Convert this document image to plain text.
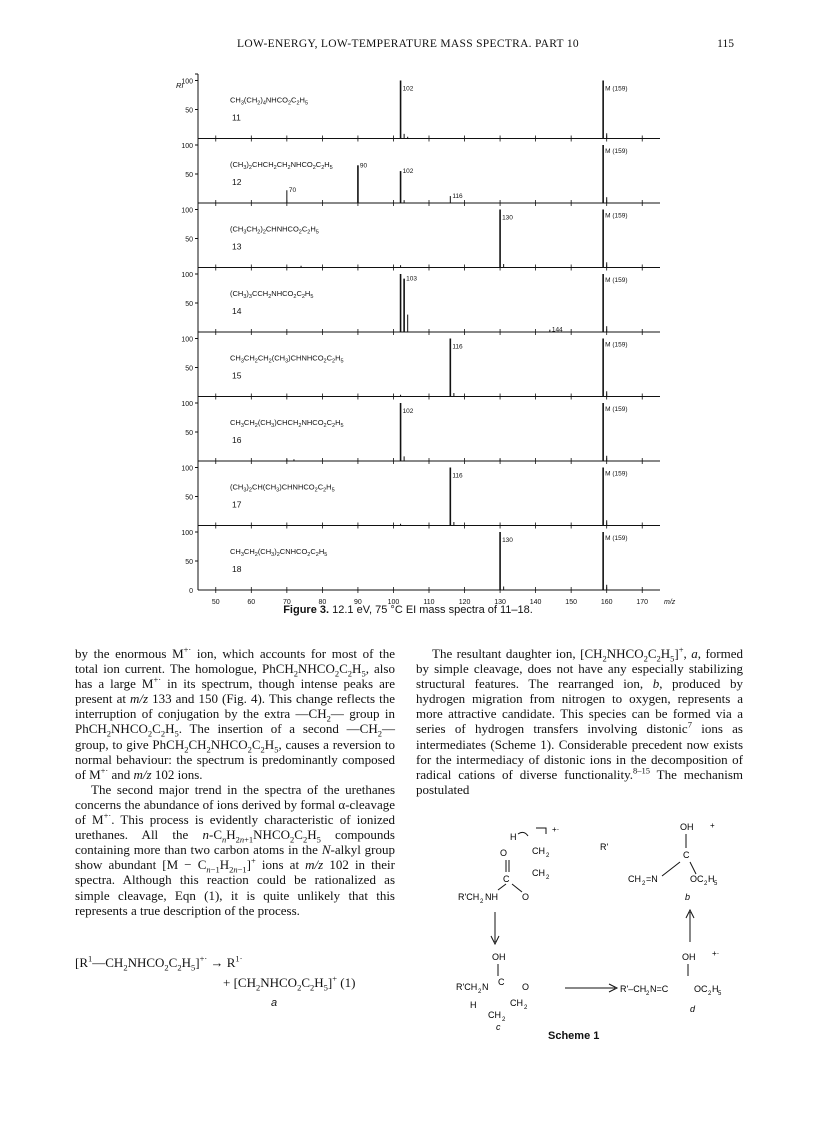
LOW-ENERGY, LOW-TEMPERATURE MASS SPECTRA. PART 10	115
RI
100
50
$CH_3(CH_2)_4NHCO_2C_2H_5$
11
102	M (159)
100
50
$(CH_3)_2CHCH_2CH_2NHCO_2C_2H_5$
12
90
102
70
116
M (159)
100
50
$(CH_3CH_2)_2CHNHCO_2C_2H_5$
13
130	M (159)
100
50
$(CH_3)_3CCH_2NHCO_2C_2H_5$
14
103
144
M (159)
100
50
$CH_3CH_2CH_2(CH_3)CHNHCO_2C_2H_5$
15
116	M (159)
100
50
$CH_3CH_2(CH_3)CHCH_2NHCO_2C_2H_5$
16
102	M (159)
100
50
$(CH_3)_2CH(CH_3)CHNHCO_2C_2H_5$
17
116	M (159)
100
50
$CH_3CH_2(CH_3)_2CNHCO_2C_2H_5$
18
130	M (159)
0
50	60	70	80	90	100	110	120	130	140	150	160	170 m/z
Figure 3. 12.1 eV, 75 °C EI mass spectra of 11–18.

by the enormous M+· ion, which accounts for most of the total ion current. The homologue, $PhCH_2NHCO_2C_2H_5$, also has a large M+· in its spectrum, though intense peaks are present at m/z 133 and 150 (Fig. 4). This change reflects the interruption of conjugation by the extra $—CH_2—$ group in $PhCH_2NHCO_2C_2H_5$. The insertion of a second $—CH_2—$ group, to give $PhCH_2CH_2NHCO_2C_2H_5$, causes a reversion to normal behaviour: the spectrum is predominantly composed of M+· and m/z 102 ions.

The second major trend in the spectra of the urethanes concerns the abundance of ions derived by formal α-cleavage of M+·. This process is evidently characteristic of ionized urethanes. All the $n-C_nH_{2n+1}NHCO_2C_2H_5$ compounds containing more than two carbon atoms in the N-alkyl group show abundant $[M - C_{n-1}H_{2n-1}]^+$ ions at m/z 102 in their spectra. Although this reaction could be rationalized as simple cleavage, Eqn (1), it is quite unlikely that this represents a true description of the process.

$[R^1—CH_2NHCO_2C_2H_5]^{+\cdot} \to R^{1\cdot}$
+ $[CH_2NHCO_2C_2H_5]^+$ (1)
a

The resultant daughter ion, $[CH_2NHCO_2C_2H_5]^+$, a, formed by simple cleavage, does not have any especially stabilizing structural features. The rearranged ion, b, produced by hydrogen migration from nitrogen to oxygen, represents a more attractive candidate. This species can be formed via a series of hydrogen transfers involving distonic$^7$ ions as intermediates (Scheme 1). Considerable precedent now exists for the intermediacy of distonic ions in the decomposition of radical cations of diverse functionality.$^{8-15}$ The mechanism postulated

H
+·
O	CH 2
C
CH 2
R'CH 2 NH	O
OH +
R'
C
CH 2 =N	OC 2 H 5
b
OH
R'CH 2 N C O
H	CH 2
CH 2
c
OH +·
R'–CH 2 N=C	OC 2 H 5
d
Scheme 1
